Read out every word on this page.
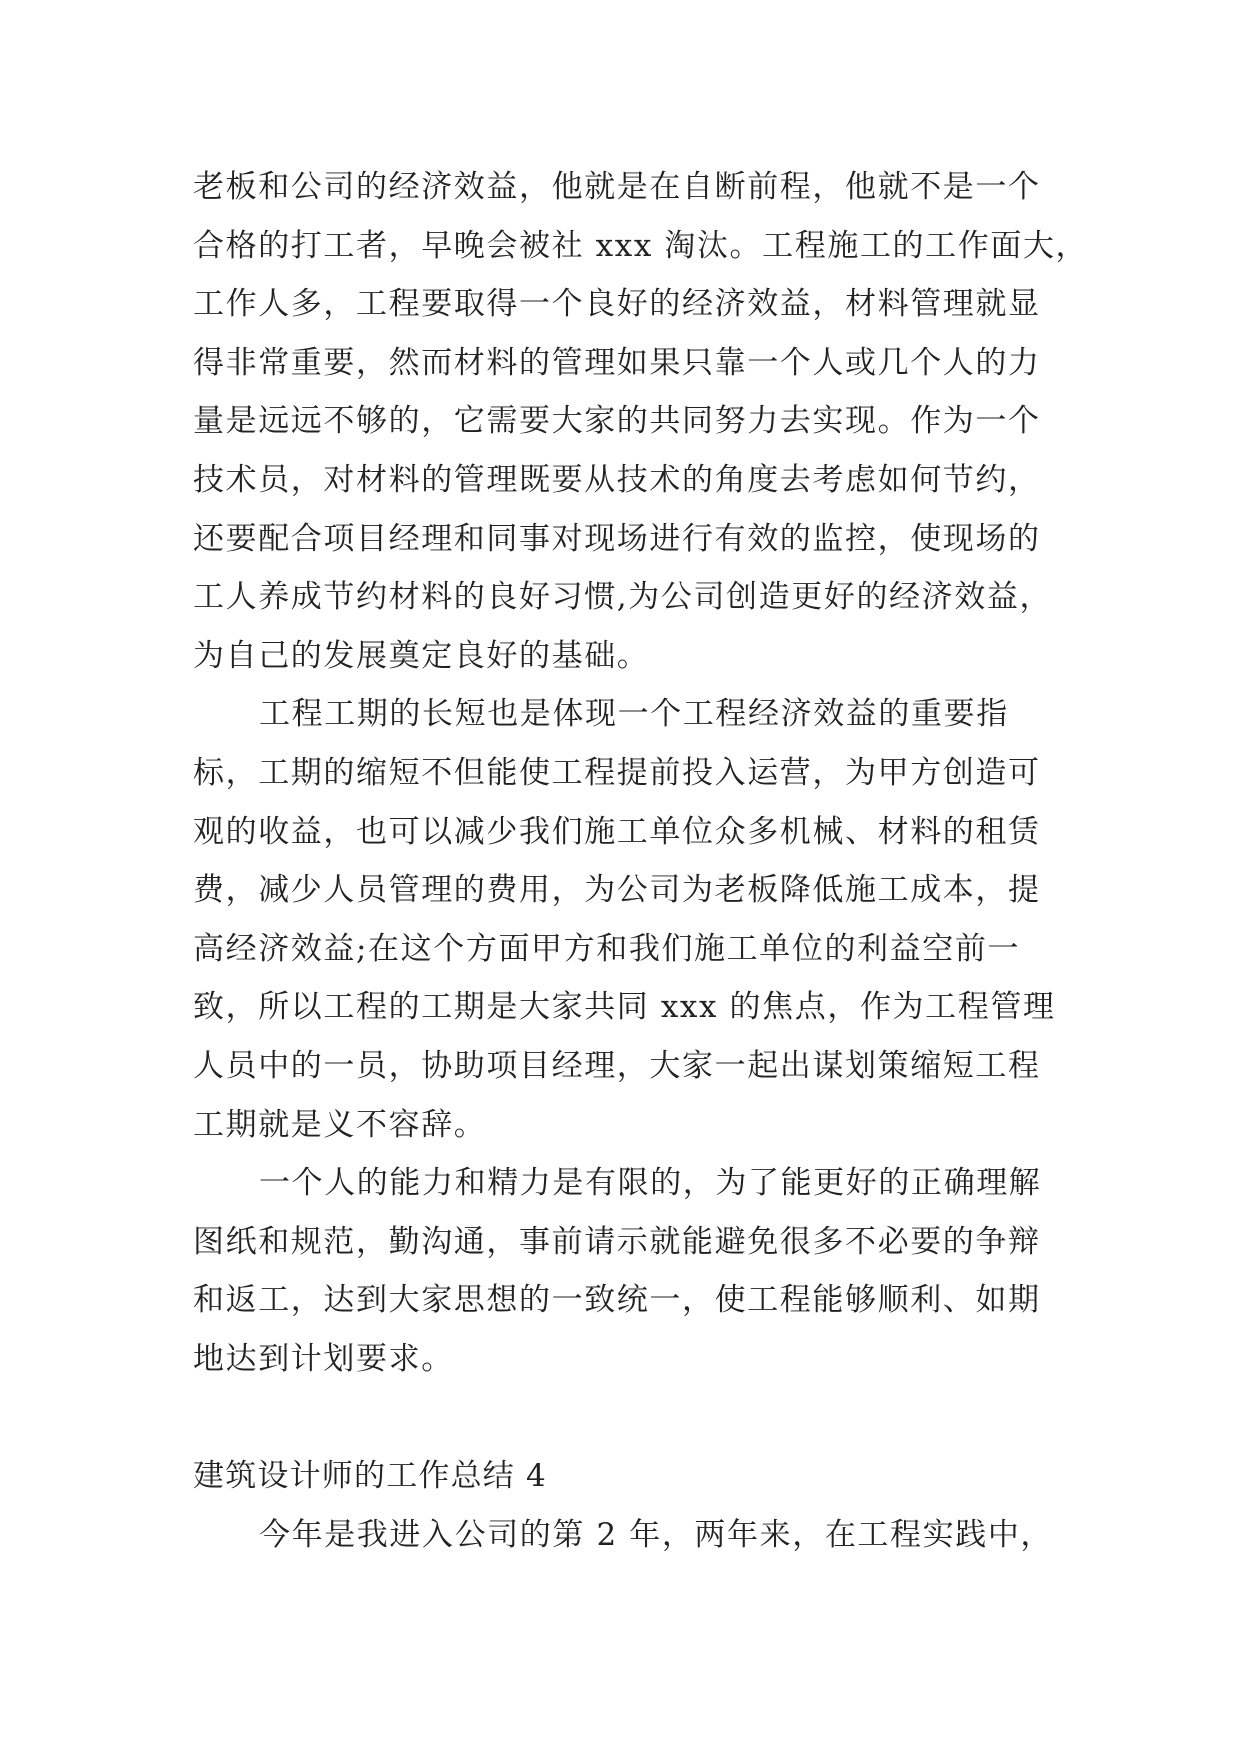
老板和公司的经济效益，他就是在自断前程，他就不是一个
合格的打工者，早晚会被社 xxx 淘汰。工程施工的工作面大，
工作人多，工程要取得一个良好的经济效益，材料管理就显
得非常重要，然而材料的管理如果只靠一个人或几个人的力
量是远远不够的，它需要大家的共同努力去实现。作为一个
技术员，对材料的管理既要从技术的角度去考虑如何节约，
还要配合项目经理和同事对现场进行有效的监控，使现场的
工人养成节约材料的良好习惯,为公司创造更好的经济效益，
为自己的发展奠定良好的基础。
工程工期的长短也是体现一个工程经济效益的重要指
标，工期的缩短不但能使工程提前投入运营，为甲方创造可
观的收益，也可以减少我们施工单位众多机械、材料的租赁
费，减少人员管理的费用，为公司为老板降低施工成本，提
高经济效益;在这个方面甲方和我们施工单位的利益空前一
致，所以工程的工期是大家共同 xxx 的焦点，作为工程管理
人员中的一员，协助项目经理，大家一起出谋划策缩短工程
工期就是义不容辞。
一个人的能力和精力是有限的，为了能更好的正确理解
图纸和规范，勤沟通，事前请示就能避免很多不必要的争辩
和返工，达到大家思想的一致统一，使工程能够顺利、如期
地达到计划要求。
建筑设计师的工作总结 4
今年是我进入公司的第 2 年，两年来，在工程实践中，
